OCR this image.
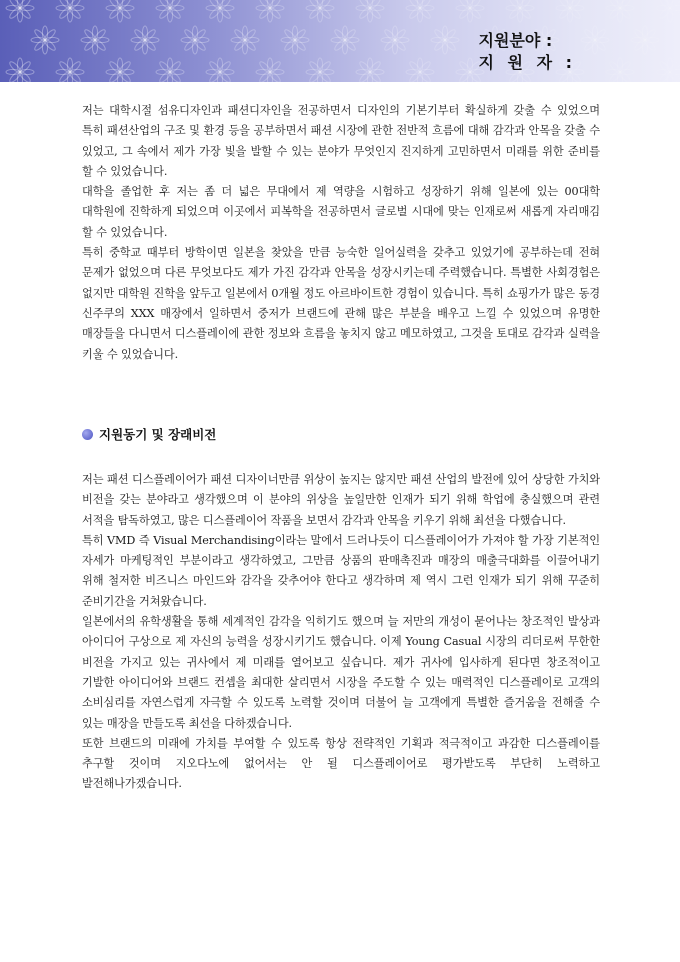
지원분야 :
지 원 자 :

저는 대학시절 섬유디자인과 패션디자인을 전공하면서 디자인의 기본기부터 확실하게 갖출 수 있었으며 특히 패션산업의 구조 및 환경 등을 공부하면서 패션 시장에 관한 전반적 흐름에 대해 감각과 안목을 갖출 수 있었고, 그 속에서 제가 가장 빛을 발할 수 있는 분야가 무엇인지 진지하게 고민하면서 미래를 위한 준비를 할 수 있었습니다.

대학을 졸업한 후 저는 좀 더 넓은 무대에서 제 역량을 시험하고 성장하기 위해 일본에 있는 00대학 대학원에 진학하게 되었으며 이곳에서 피복학을 전공하면서 글로벌 시대에 맞는 인재로써 새롭게 자리매김 할 수 있었습니다.

특히 중학교 때부터 방학이면 일본을 찾았을 만큼 능숙한 일어실력을 갖추고 있었기에 공부하는데 전혀 문제가 없었으며 다른 무엇보다도 제가 가진 감각과 안목을 성장시키는데 주력했습니다. 특별한 사회경험은 없지만 대학원 진학을 앞두고 일본에서 0개월 정도 아르바이트한 경험이 있습니다. 특히 쇼핑가가 많은 동경 신주쿠의 XXX 매장에서 일하면서 중저가 브랜드에 관해 많은 부분을 배우고 느낄 수 있었으며 유명한 매장들을 다니면서 디스플레이에 관한 정보와 흐름을 놓치지 않고 메모하였고, 그것을 토대로 감각과 실력을 키울 수 있었습니다.

지원동기 및 장래비전

저는 패션 디스플레이어가 패션 디자이너만큼 위상이 높지는 않지만 패션 산업의 발전에 있어 상당한 가치와 비전을 갖는 분야라고 생각했으며 이 분야의 위상을 높일만한 인재가 되기 위해 학업에 충실했으며 관련 서적을 탐독하였고, 많은 디스플레이어 작품을 보면서 감각과 안목을 키우기 위해 최선을 다했습니다.

특히 VMD 즉 Visual Merchandising이라는 말에서 드러나듯이 디스플레이어가 가져야 할 가장 기본적인 자세가 마케팅적인 부분이라고 생각하였고, 그만큼 상품의 판매촉진과 매장의 매출극대화를 이끌어내기 위해 철저한 비즈니스 마인드와 감각을 갖추어야 한다고 생각하며 제 역시 그런 인재가 되기 위해 꾸준히 준비기간을 거쳐왔습니다.

일본에서의 유학생활을 통해 세계적인 감각을 익히기도 했으며 늘 저만의 개성이 묻어나는 창조적인 발상과 아이디어 구상으로 제 자신의 능력을 성장시키기도 했습니다. 이제 Young Casual 시장의 리더로써 무한한 비전을 가지고 있는 귀사에서 제 미래를 열어보고 싶습니다. 제가 귀사에 입사하게 된다면 창조적이고 기발한 아이디어와 브랜드 컨셉을 최대한 살리면서 시장을 주도할 수 있는 매력적인 디스플레이로 고객의 소비심리를 자연스럽게 자극할 수 있도록 노력할 것이며 더불어 늘 고객에게 특별한 즐거움을 전해줄 수 있는 매장을 만들도록 최선을 다하겠습니다.

또한 브랜드의 미래에 가치를 부여할 수 있도록 항상 전략적인 기획과 적극적이고 과감한 디스플레이를 추구할 것이며 지오다노에 없어서는 안 될 디스플레이어로 평가받도록 부단히 노력하고 발전해나가겠습니다.
